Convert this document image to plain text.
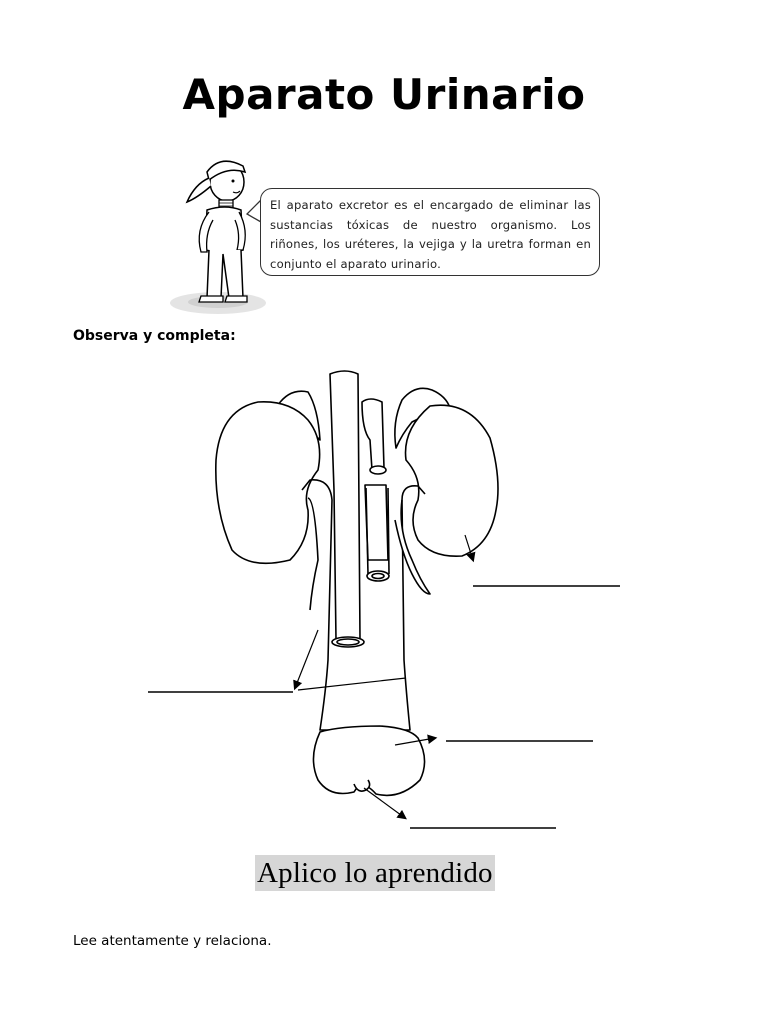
Aparato Urinario
El aparato excretor es el encargado de eliminar las sustancias tóxicas de nuestro organismo. Los riñones, los uréteres, la vejiga y la uretra forman en conjunto el aparato urinario.
Observa y completa:
Aplico lo aprendido
Lee atentamente y relaciona.
